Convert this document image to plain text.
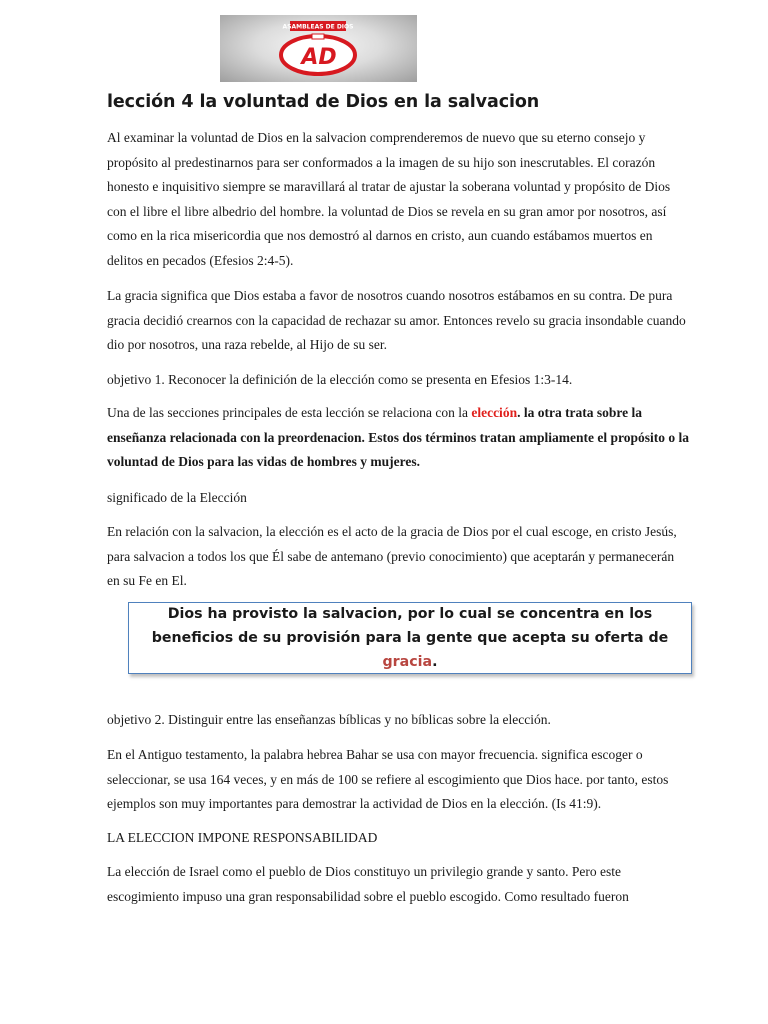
ASAMBLEAS DE DIOS
AD
lección 4 la voluntad de Dios en la salvacion

Al examinar la voluntad de Dios en la salvacion comprenderemos de nuevo que su eterno consejo y propósito al predestinarnos para ser conformados a la imagen de su hijo son inescrutables. El corazón honesto e inquisitivo siempre se maravillará al tratar de ajustar la soberana voluntad y propósito de Dios con el libre el libre albedrio del hombre. la voluntad de Dios se revela en su gran amor por nosotros, así como en la rica misericordia que nos demostró al darnos en cristo, aun cuando estábamos muertos en delitos en pecados (Efesios 2:4-5).

La gracia significa que Dios estaba a favor de nosotros cuando nosotros estábamos en su contra. De pura gracia decidió crearnos con la capacidad de rechazar su amor. Entonces revelo su gracia insondable cuando dio por nosotros, una raza rebelde, al Hijo de su ser.

objetivo 1. Reconocer la definición de la elección como se presenta en Efesios 1:3-14.

Una de las secciones principales de esta lección se relaciona con la elección. la otra trata sobre la enseñanza relacionada con la preordenacion. Estos dos términos tratan ampliamente el propósito o la voluntad de Dios para las vidas de hombres y mujeres.

significado de la Elección

En relación con la salvacion, la elección es el acto de la gracia de Dios por el cual escoge, en cristo Jesús, para salvacion a todos los que Él sabe de antemano (previo conocimiento) que aceptarán y permanecerán en su Fe en El.

Dios ha provisto la salvacion, por lo cual se concentra en los beneficios de su provisión para la gente que acepta su oferta de gracia.

objetivo 2. Distinguir entre las enseñanzas bíblicas y no bíblicas sobre la elección.

En el Antiguo testamento, la palabra hebrea Bahar se usa con mayor frecuencia. significa escoger o seleccionar, se usa 164 veces, y en más de 100 se refiere al escogimiento que Dios hace. por tanto, estos ejemplos son muy importantes para demostrar la actividad de Dios en la elección. (Is 41:9).

LA ELECCION IMPONE RESPONSABILIDAD

La elección de Israel como el pueblo de Dios constituyo un privilegio grande y santo. Pero este escogimiento impuso una gran responsabilidad sobre el pueblo escogido. Como resultado fueron
